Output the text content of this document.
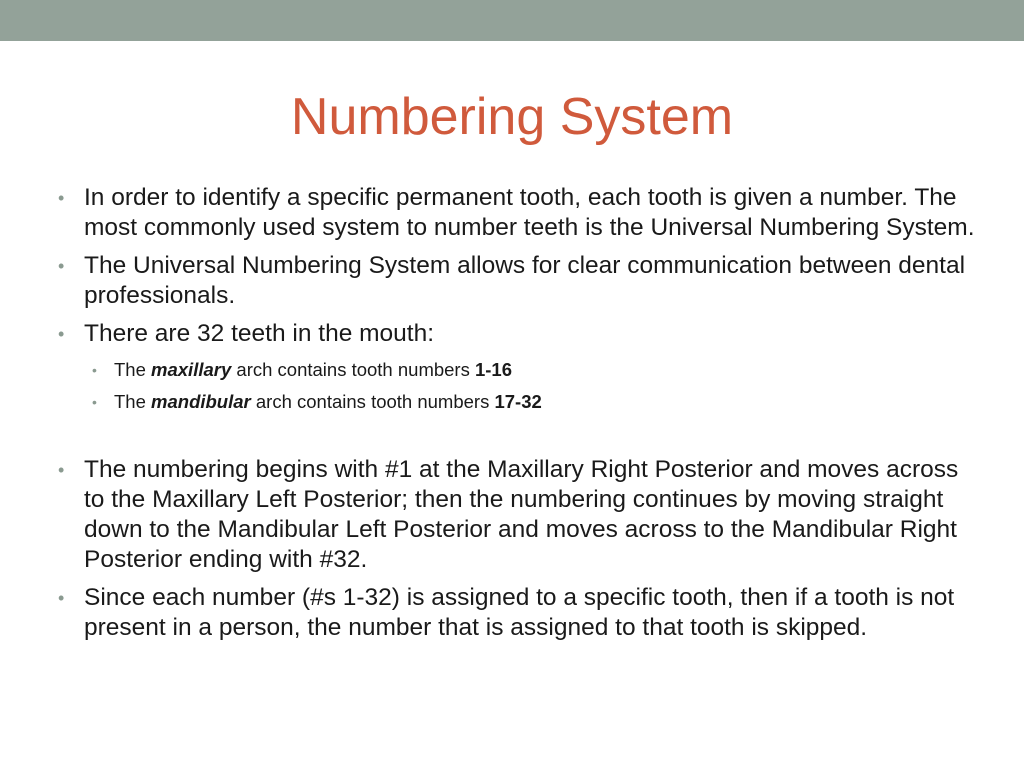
Numbering System
• In order to identify a specific permanent tooth, each tooth is given a number. The most commonly used system to number teeth is the Universal Numbering System.
• The Universal Numbering System allows for clear communication between dental professionals.
• There are 32 teeth in the mouth:
• The maxillary arch contains tooth numbers 1-16
• The mandibular arch contains tooth numbers 17-32
• The numbering begins with #1 at the Maxillary Right Posterior and moves across to the Maxillary Left Posterior; then the numbering continues by moving straight down to the Mandibular Left Posterior and moves across to the Mandibular Right Posterior ending with #32.
• Since each number (#s 1-32) is assigned to a specific tooth, then if a tooth is not present in a person, the number that is assigned to that tooth is skipped.
